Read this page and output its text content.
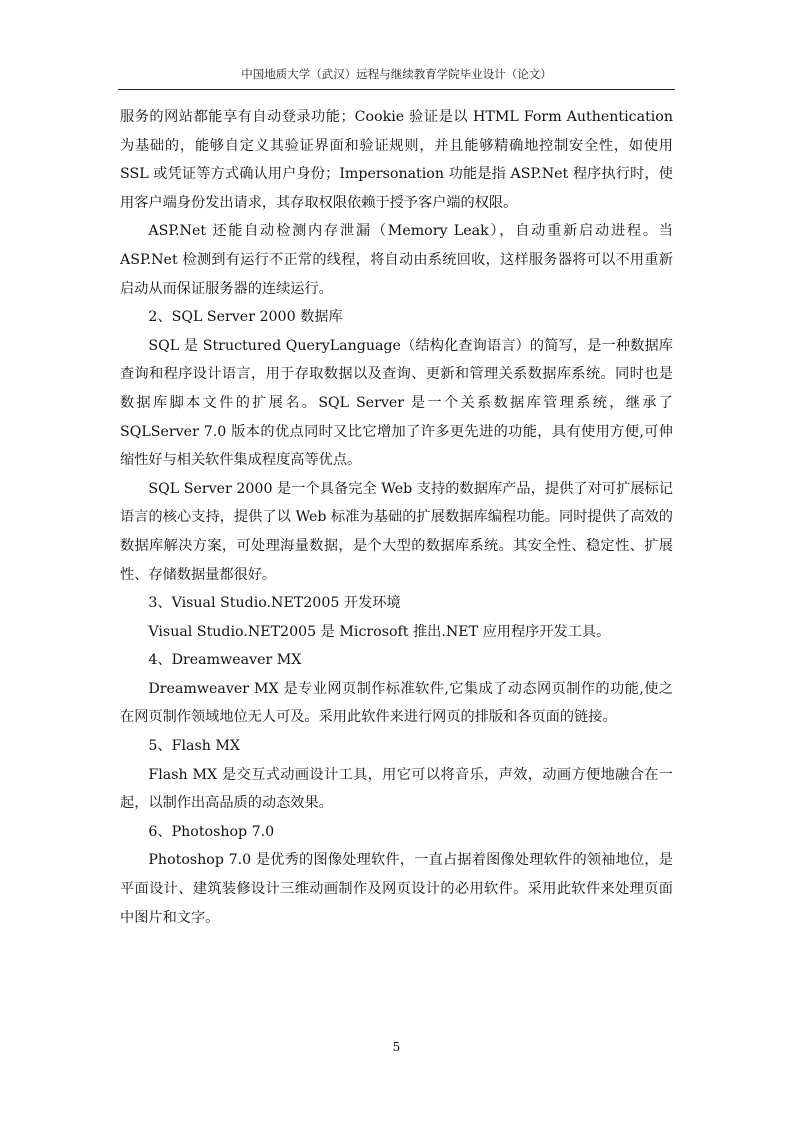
中国地质大学（武汉）远程与继续教育学院毕业设计（论文）

服务的网站都能享有自动登录功能；Cookie 验证是以 HTML Form Authentication 为基础的，能够自定义其验证界面和验证规则，并且能够精确地控制安全性，如使用 SSL 或凭证等方式确认用户身份；Impersonation 功能是指 ASP.Net 程序执行时，使用客户端身份发出请求，其存取权限依赖于授予客户端的权限。

ASP.Net 还能自动检测内存泄漏（Memory Leak），自动重新启动进程。当 ASP.Net 检测到有运行不正常的线程，将自动由系统回收，这样服务器将可以不用重新启动从而保证服务器的连续运行。

2、SQL Server 2000 数据库

SQL 是 Structured QueryLanguage（结构化查询语言）的简写，是一种数据库查询和程序设计语言，用于存取数据以及查询、更新和管理关系数据库系统。同时也是数据库脚本文件的扩展名。SQL Server 是一个关系数据库管理系统，继承了 SQLServer 7.0 版本的优点同时又比它增加了许多更先进的功能，具有使用方便,可伸缩性好与相关软件集成程度高等优点。

SQL Server 2000 是一个具备完全 Web 支持的数据库产品，提供了对可扩展标记语言的核心支持，提供了以 Web 标准为基础的扩展数据库编程功能。同时提供了高效的数据库解决方案，可处理海量数据，是个大型的数据库系统。其安全性、稳定性、扩展性、存储数据量都很好。

3、Visual Studio.NET2005 开发环境

Visual Studio.NET2005 是 Microsoft 推出.NET 应用程序开发工具。

4、Dreamweaver MX

Dreamweaver MX 是专业网页制作标准软件,它集成了动态网页制作的功能,使之在网页制作领域地位无人可及。采用此软件来进行网页的排版和各页面的链接。

5、Flash MX

Flash MX 是交互式动画设计工具，用它可以将音乐，声效，动画方便地融合在一起，以制作出高品质的动态效果。

6、Photoshop 7.0

Photoshop 7.0 是优秀的图像处理软件，一直占据着图像处理软件的领袖地位，是平面设计、建筑装修设计三维动画制作及网页设计的必用软件。采用此软件来处理页面中图片和文字。

5
